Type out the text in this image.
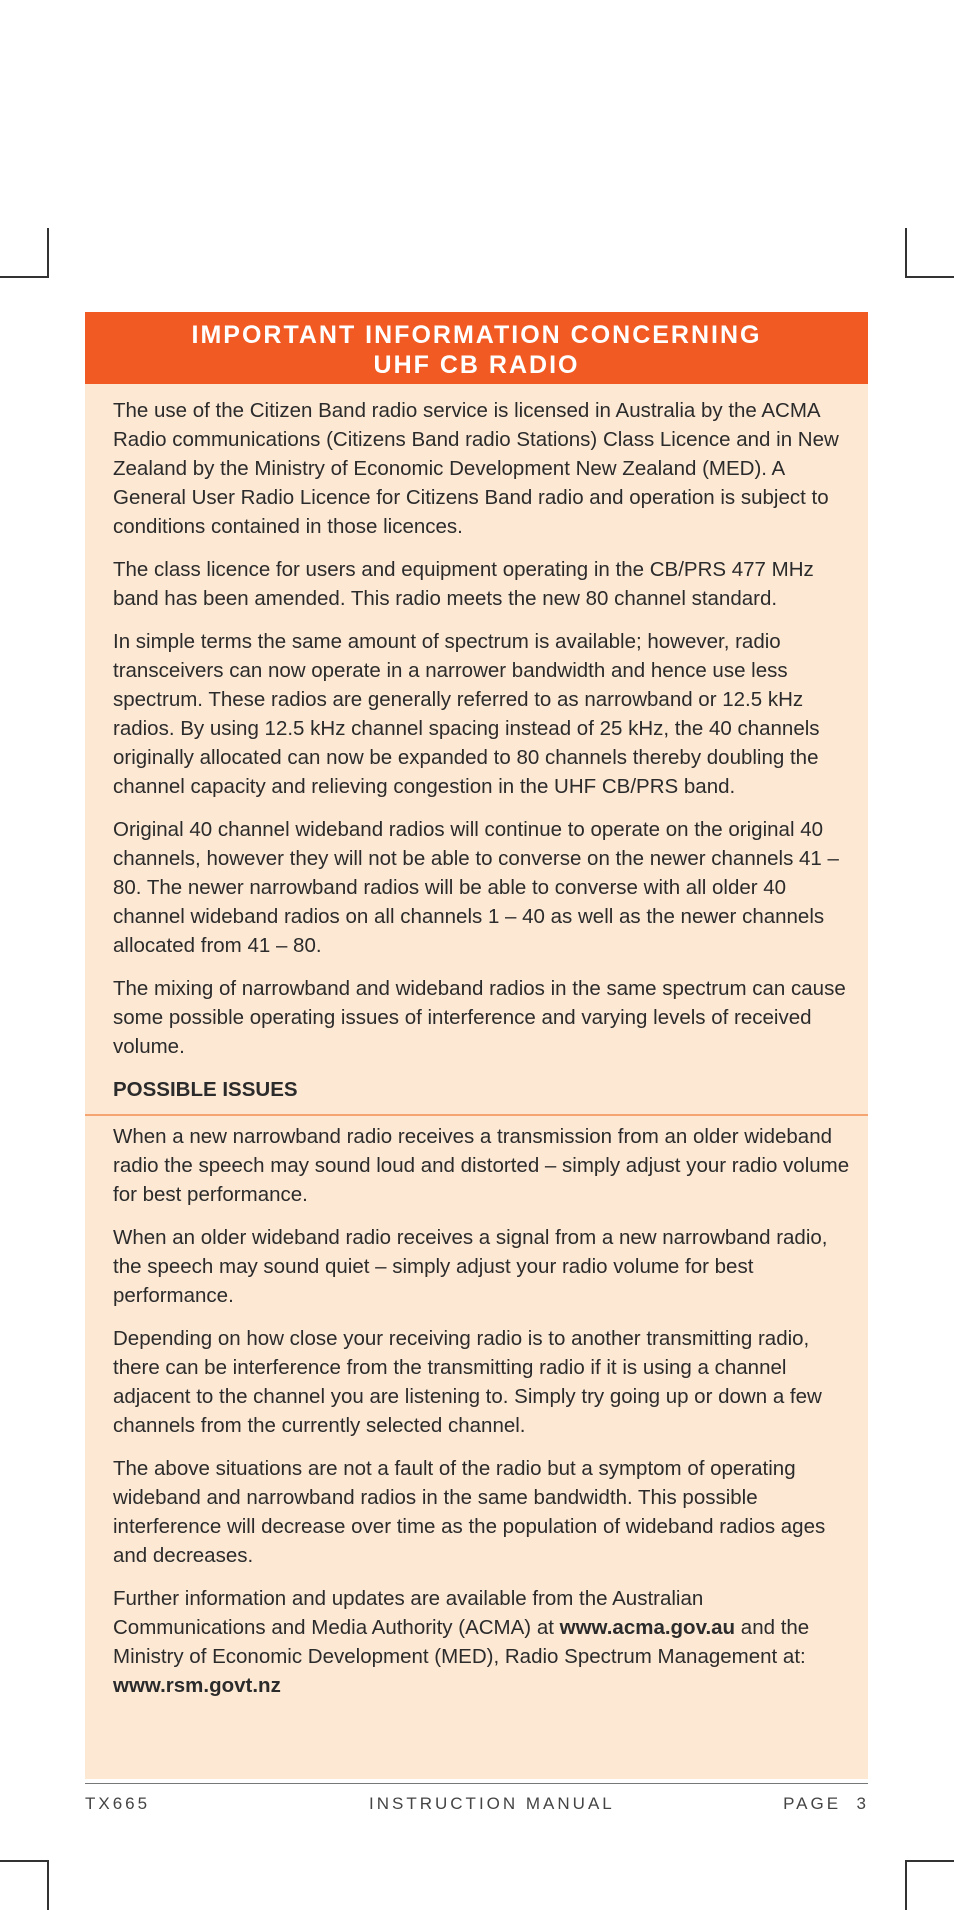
IMPORTANT INFORMATION CONCERNING
UHF CB RADIO

The use of the Citizen Band radio service is licensed in Australia by the ACMA Radio communications (Citizens Band radio Stations) Class Licence and in New Zealand by the Ministry of Economic Development New Zealand (MED). A General User Radio Licence for Citizens Band radio and operation is subject to conditions contained in those licences.

The class licence for users and equipment operating in the CB/PRS 477 MHz band has been amended. This radio meets the new 80 channel standard.

In simple terms the same amount of spectrum is available; however, radio transceivers can now operate in a narrower bandwidth and hence use less spectrum. These radios are generally referred to as narrowband or 12.5 kHz radios. By using 12.5 kHz channel spacing instead of 25 kHz, the 40 channels originally allocated can now be expanded to 80 channels thereby doubling the channel capacity and relieving congestion in the UHF CB/PRS band.

Original 40 channel wideband radios will continue to operate on the original 40 channels, however they will not be able to converse on the newer channels 41 – 80. The newer narrowband radios will be able to converse with all older 40 channel wideband radios on all channels 1 – 40 as well as the newer channels allocated from 41 – 80.

The mixing of narrowband and wideband radios in the same spectrum can cause some possible operating issues of interference and varying levels of received volume.

POSSIBLE ISSUES

When a new narrowband radio receives a transmission from an older wideband radio the speech may sound loud and distorted – simply adjust your radio volume for best performance.

When an older wideband radio receives a signal from a new narrowband radio, the speech may sound quiet – simply adjust your radio volume for best performance.

Depending on how close your receiving radio is to another transmitting radio, there can be interference from the transmitting radio if it is using a channel adjacent to the channel you are listening to. Simply try going up or down a few channels from the currently selected channel.

The above situations are not a fault of the radio but a symptom of operating wideband and narrowband radios in the same bandwidth. This possible interference will decrease over time as the population of wideband radios ages and decreases.

Further information and updates are available from the Australian Communications and Media Authority (ACMA) at www.acma.gov.au and the Ministry of Economic Development (MED), Radio Spectrum Management at: www.rsm.govt.nz

TX665	INSTRUCTION MANUAL	PAGE  3
